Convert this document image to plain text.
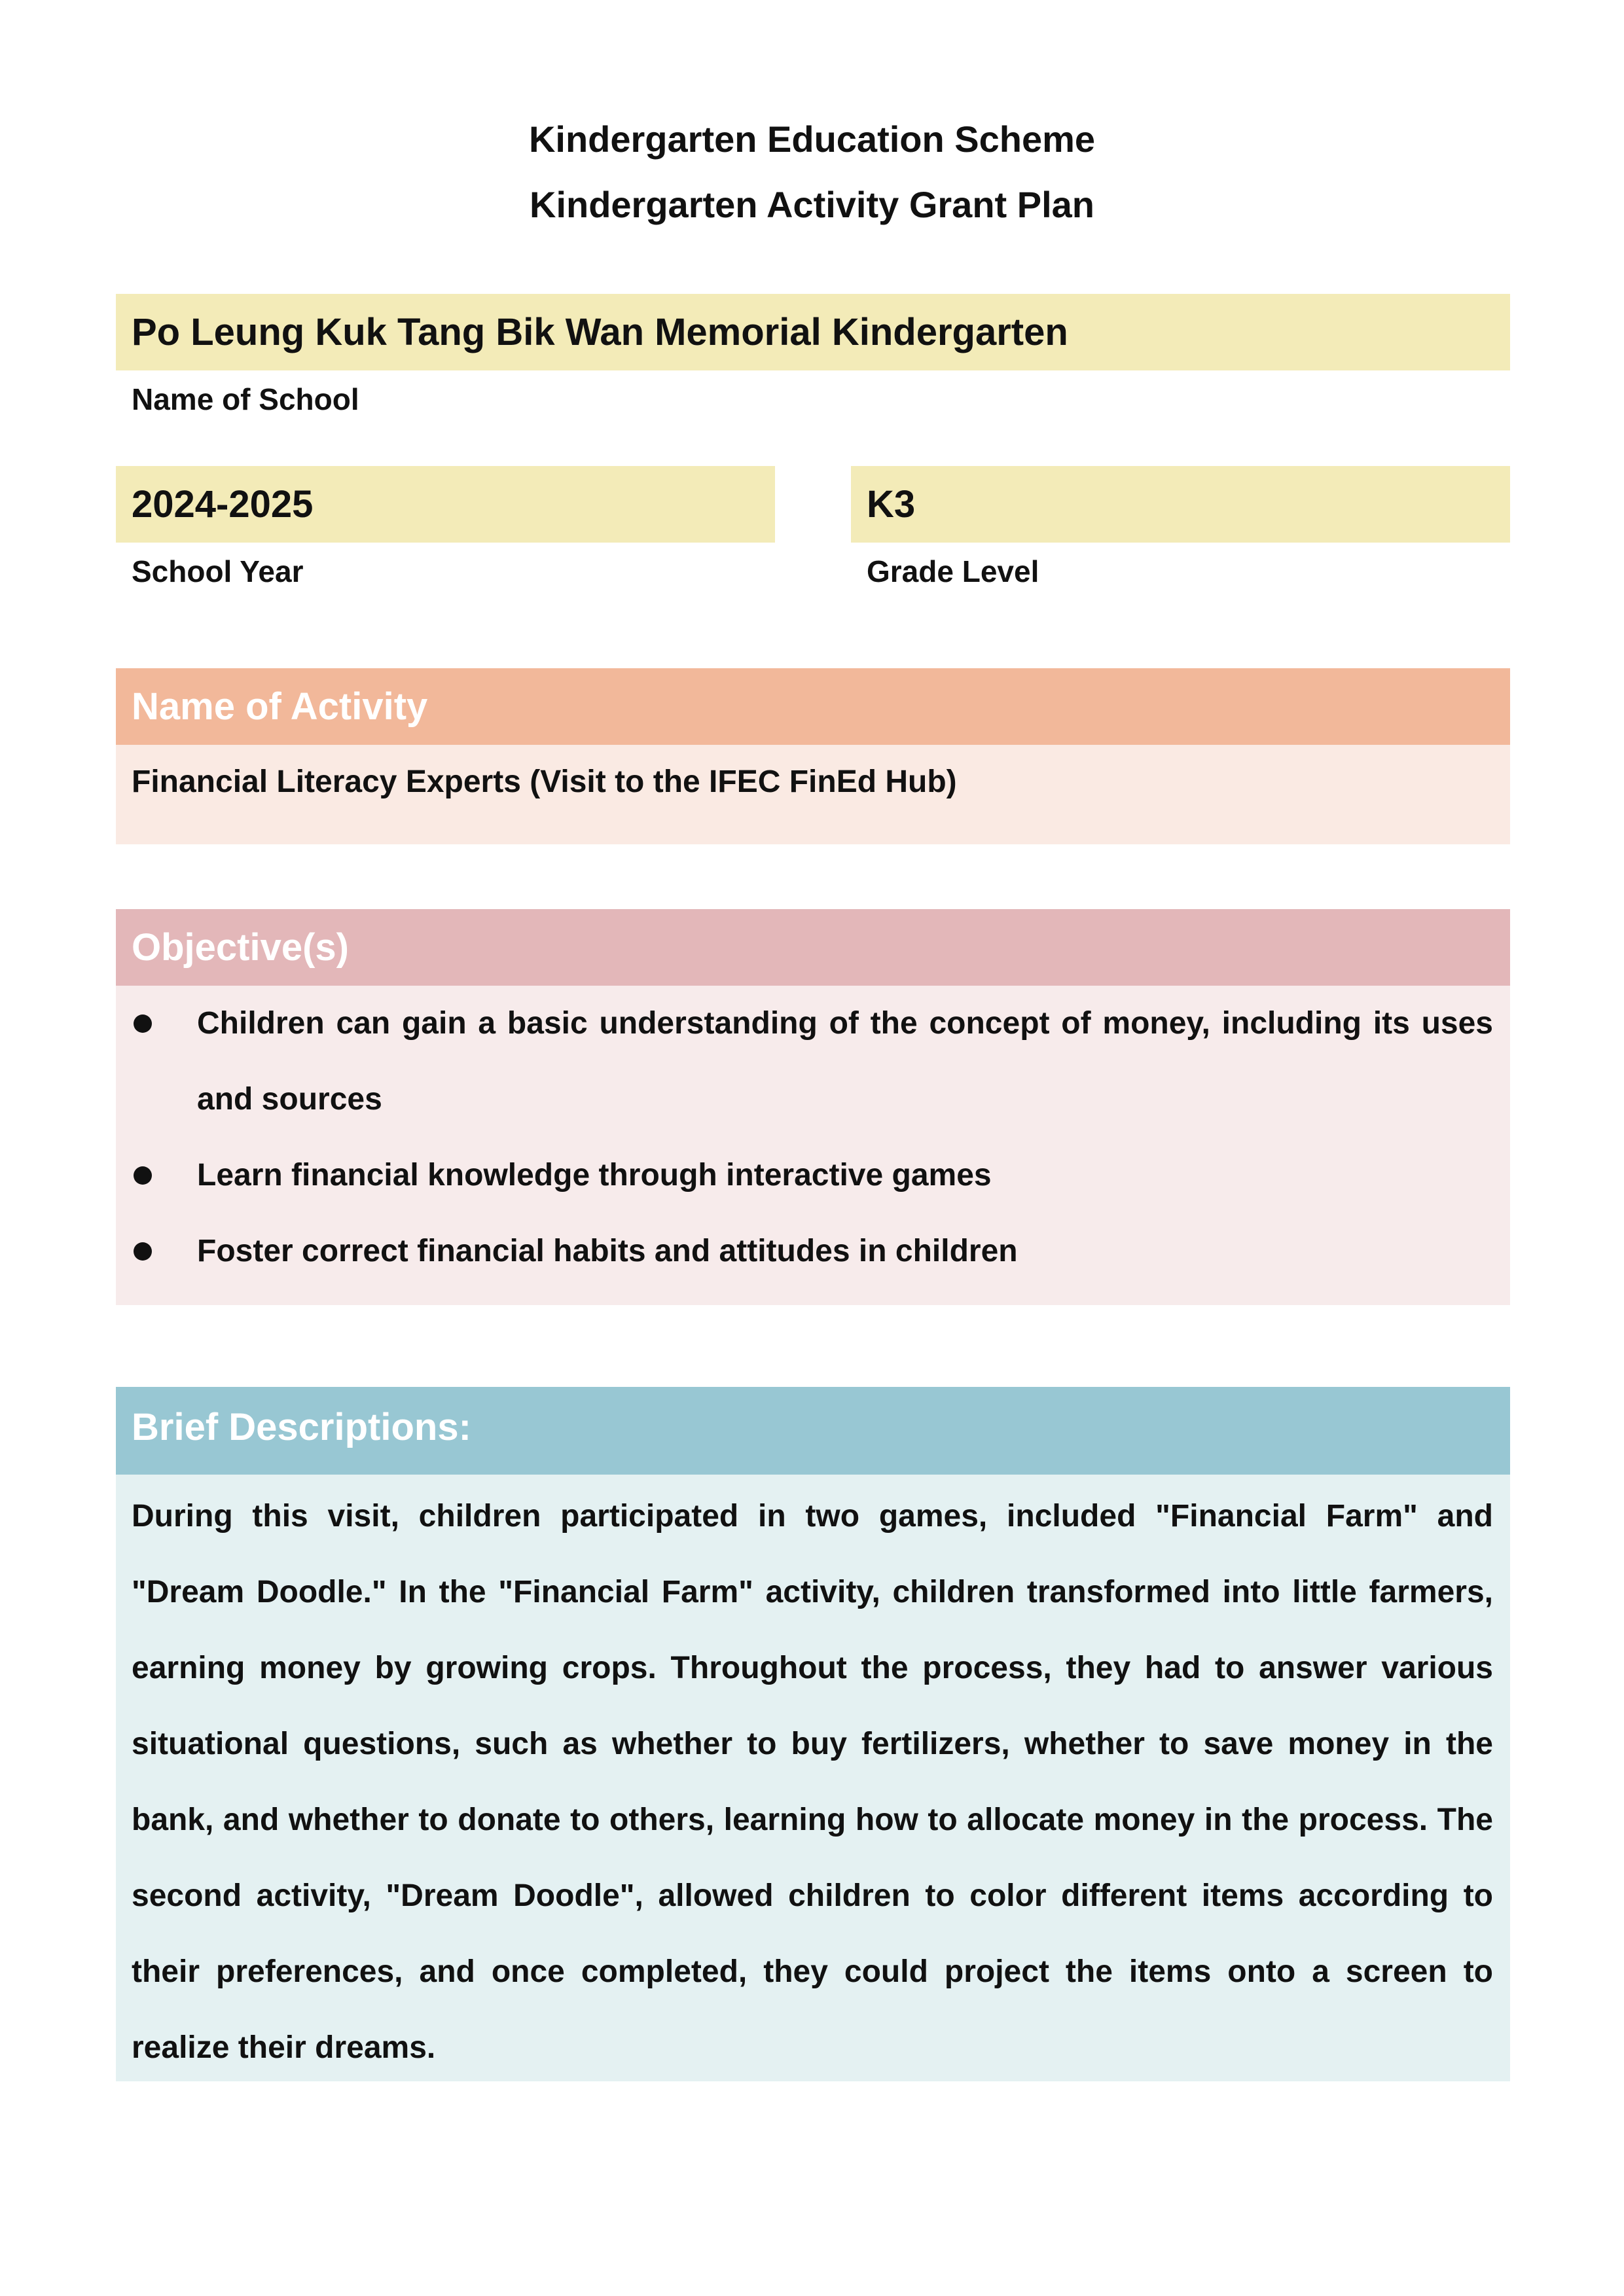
Kindergarten Education Scheme
Kindergarten Activity Grant Plan
Po Leung Kuk Tang Bik Wan Memorial Kindergarten
Name of School
2024-2025
School Year
K3
Grade Level
Name of Activity
Financial Literacy Experts (Visit to the IFEC FinEd Hub)
Objective(s)
Children can gain a basic understanding of the concept of money, including its uses and sources
Learn financial knowledge through interactive games
Foster correct financial habits and attitudes in children
Brief Descriptions:
During this visit, children participated in two games, included "Financial Farm" and "Dream Doodle." In the "Financial Farm" activity, children transformed into little farmers, earning money by growing crops. Throughout the process, they had to answer various situational questions, such as whether to buy fertilizers, whether to save money in the bank, and whether to donate to others, learning how to allocate money in the process. The second activity, "Dream Doodle", allowed children to color different items according to their preferences, and once completed, they could project the items onto a screen to realize their dreams.
